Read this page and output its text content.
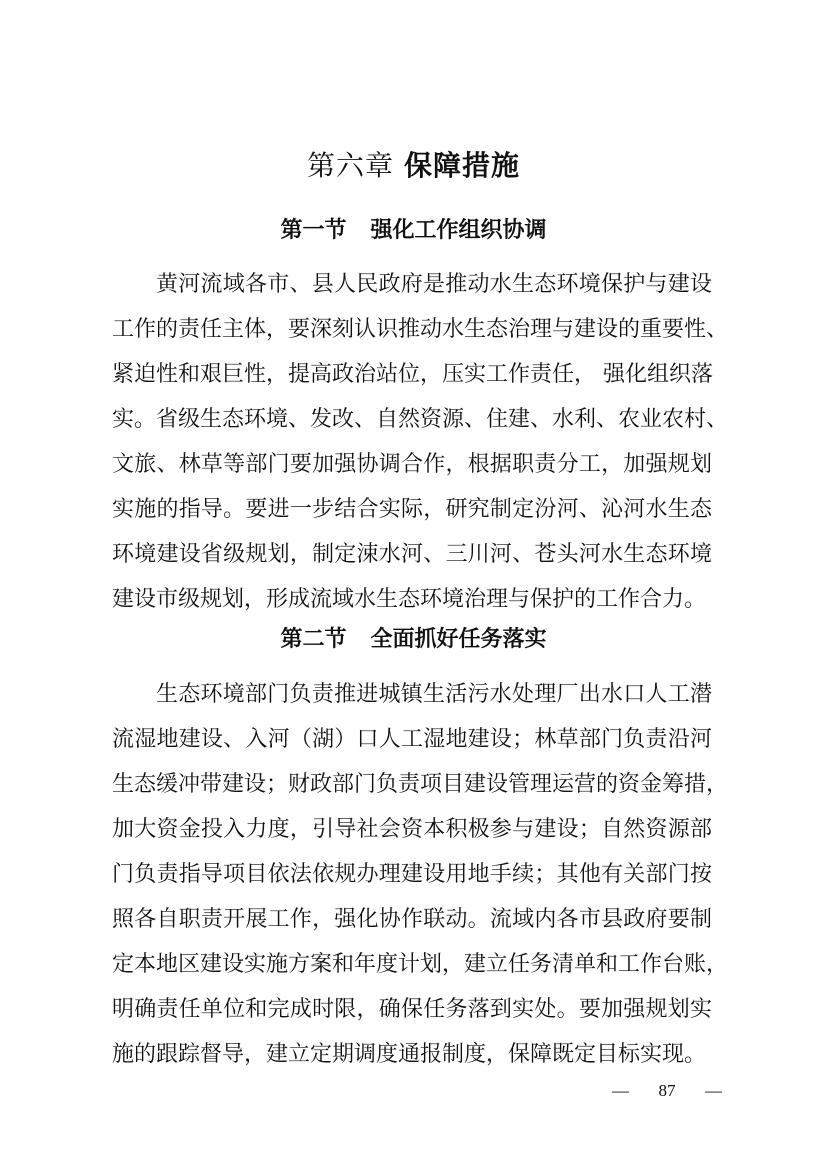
第六章 保障措施
第一节 强化工作组织协调

黄河流域各市、县人民政府是推动水生态环境保护与建设
工作的责任主体，要深刻认识推动水生态治理与建设的重要性、
紧迫性和艰巨性，提高政治站位，压实工作责任， 强化组织落
实。省级生态环境、发改、自然资源、住建、水利、农业农村、
文旅、林草等部门要加强协调合作，根据职责分工，加强规划
实施的指导。要进一步结合实际，研究制定汾河、沁河水生态
环境建设省级规划，制定涑水河、三川河、苍头河水生态环境
建设市级规划，形成流域水生态环境治理与保护的工作合力。

第二节 全面抓好任务落实

生态环境部门负责推进城镇生活污水处理厂出水口人工潜
流湿地建设、入河（湖）口人工湿地建设；林草部门负责沿河
生态缓冲带建设；财政部门负责项目建设管理运营的资金筹措，
加大资金投入力度，引导社会资本积极参与建设；自然资源部
门负责指导项目依法依规办理建设用地手续；其他有关部门按
照各自职责开展工作，强化协作联动。流域内各市县政府要制
定本地区建设实施方案和年度计划，建立任务清单和工作台账，
明确责任单位和完成时限，确保任务落到实处。要加强规划实
施的跟踪督导，建立定期调度通报制度，保障既定目标实现。

— 87 —
